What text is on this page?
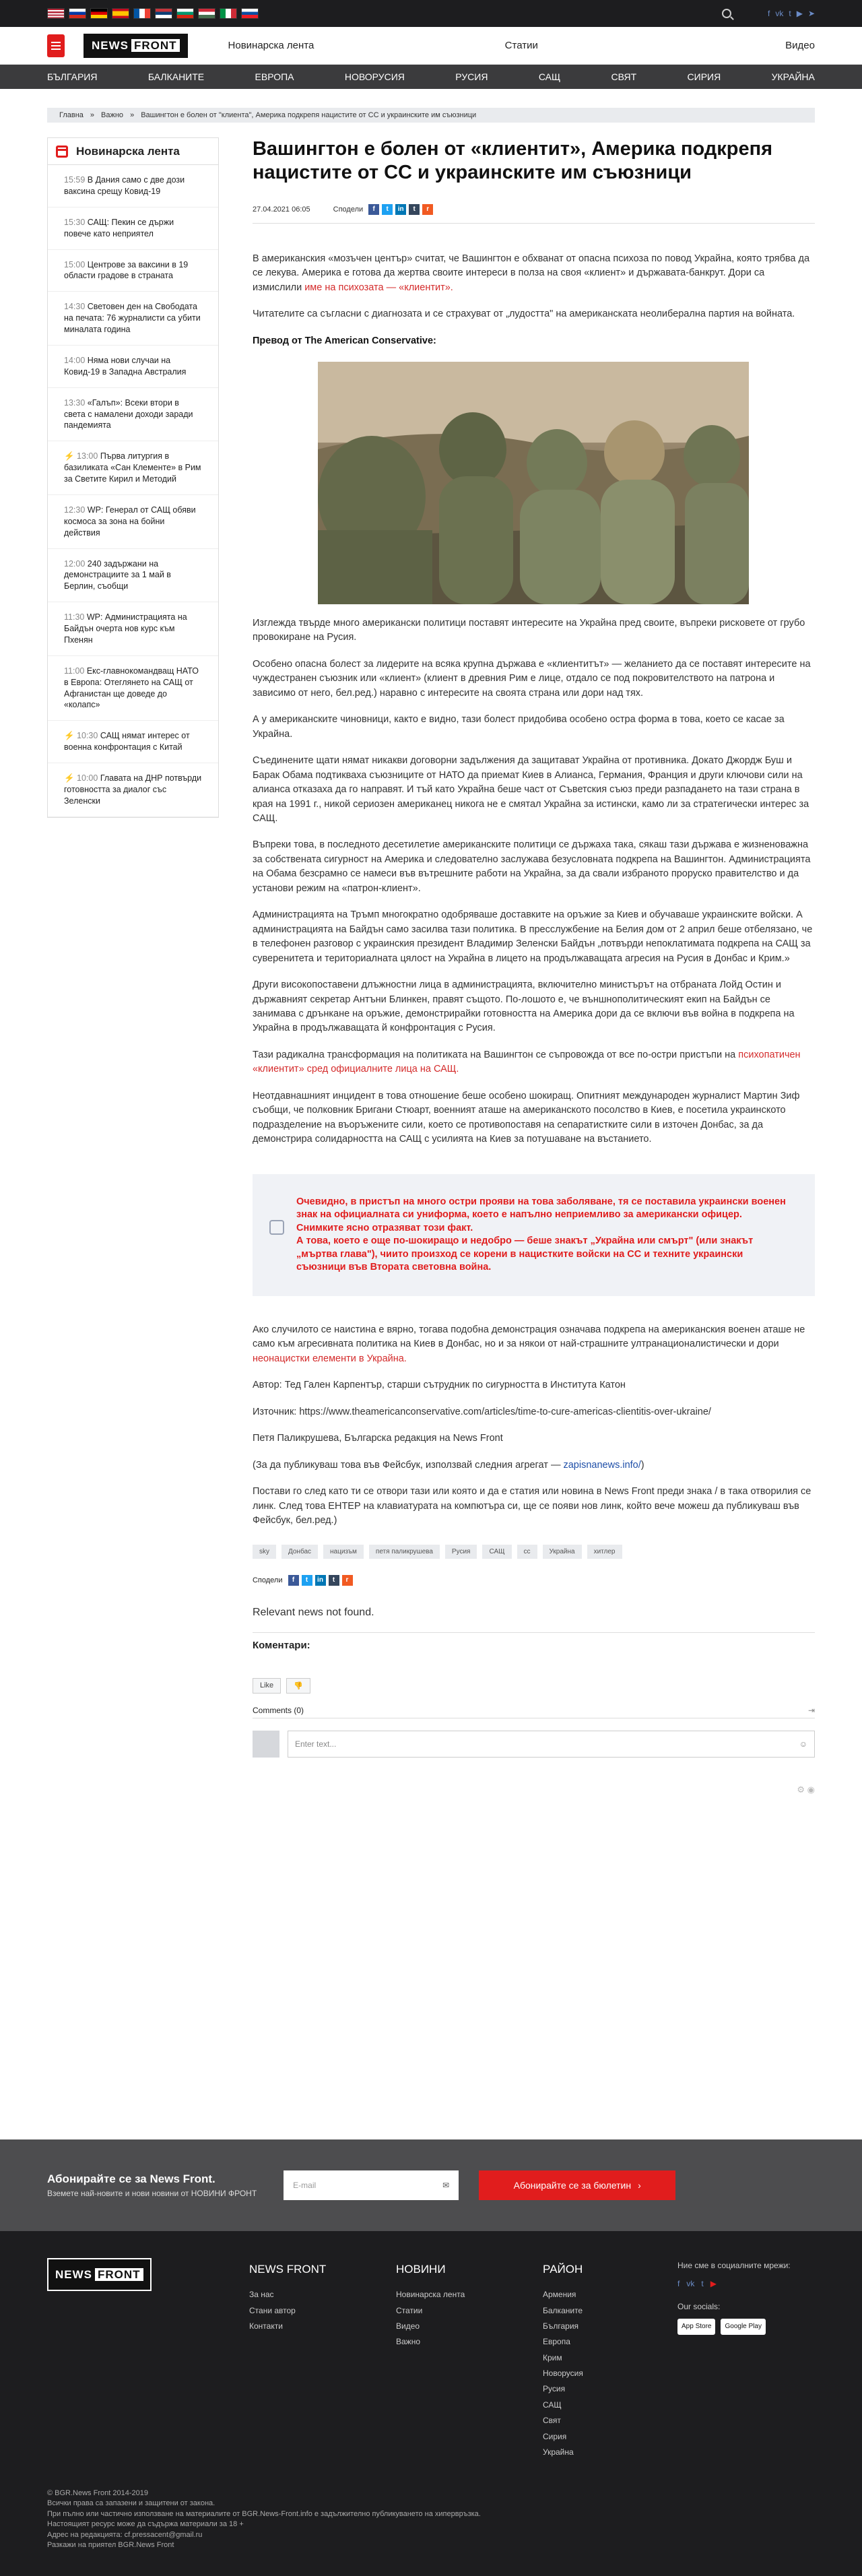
f vk t ▶ ➤
NEWS FRONT	Новинарска лента	Статии	Видео
БЪЛГАРИЯ	БАЛКАНИТЕ	ЕВРОПА	НОВОРУСИЯ	РУСИЯ	САЩ	СВЯТ	СИРИЯ	УКРАЙНА
Главна » Важно » Вашингтон е болен от "клиента", Америка подкрепя нацистите от СС и украинските им съюзници
Новинарска лента
15:59 В Дания само с две дози ваксина срещу Ковид-19
15:30 САЩ: Пекин се държи повече като неприятел
15:00 Центрове за ваксини в 19 области градове в страната
14:30 Световен ден на Свободата на печата: 76 журналисти са убити миналата година
14:00 Няма нови случаи на Ковид-19 в Западна Австралия
13:30 «Галъп»: Всеки втори в света с намалени доходи заради пандемията
⚡ 13:00 Първа литургия в базиликата «Сан Клементе» в Рим за Светите Кирил и Методий
12:30 WP: Генерал от САЩ обяви космоса за зона на бойни действия
12:00 240 задържани на демонстрациите за 1 май в Берлин, съобщи
11:30 WP: Администрацията на Байдън очерта нов курс към Пхенян
11:00 Екс-главнокомандващ НАТО в Европа: Отеглянето на САЩ от Афганистан ще доведе до «колапс»
⚡ 10:30 САЩ нямат интерес от военна конфронтация с Китай
⚡ 10:00 Главата на ДНР потвърди готовността за диалог със Зеленски
Вашингтон е болен от «клиентит», Америка подкрепя нацистите от СС и украинските им съюзници
27.04.2021 06:05	Сподели	f	t	in	t	r

В американския «мозъчен център» считат, че Вашингтон е обхванат от опасна психоза по повод Украйна, която трябва да се лекува. Америка е готова да жертва своите интереси в полза на своя «клиент» и държавата-банкрут. Дори са измислили име на психозата — «клиентит».

Читателите са съгласни с диагнозата и се страхуват от „лудостта" на американската неолиберална партия на войната.

Превод от The American Conservative:

Изглежда твърде много американски политици поставят интересите на Украйна пред своите, въпреки рисковете от грубо провокиране на Русия.

Особено опасна болест за лидерите на всяка крупна държава е «клиентитът» — желанието да се поставят интересите на чуждестранен съюзник или «клиент» (клиент в древния Рим е лице, отдало се под покровителството на патрона и зависимо от него, бел.ред.) наравно с интересите на своята страна или дори над тях.

А у американските чиновници, както е видно, тази болест придобива особено остра форма в това, което се касае за Украйна.

Съединените щати нямат никакви договорни задължения да защитават Украйна от противника. Докато Джордж Буш и Барак Обама подтикваха съюзниците от НАТО да приемат Киев в Алианса, Германия, Франция и други ключови сили на алианса отказаха да го направят. И тъй като Украйна беше част от Съветския съюз преди разпадането на тази страна в края на 1991 г., никой сериозен американец никога не е смятал Украйна за истински, камо ли за стратегически интерес за САЩ.

Въпреки това, в последното десетилетие американските политици се държаха така, сякаш тази държава е жизненоважна за собствената сигурност на Америка и следователно заслужава безусловната подкрепа на Вашингтон. Администрацията на Обама безсрамно се намеси във вътрешните работи на Украйна, за да свали избраното проруско правителство и да установи режим на «патрон-клиент».

Администрацията на Тръмп многократно одобряваше доставките на оръжие за Киев и обучаваше украинските войски. А администрацията на Байдън само засилва тази политика. В пресслужбение на Белия дом от 2 април беше отбелязано, че в телефонен разговор с украинския президент Владимир Зеленски Байдън „потвърди непоклатимата подкрепа на САЩ за суверенитета и териториалната цялост на Украйна в лицето на продължаващата агресия на Русия в Донбас и Крим.»

Други високопоставени длъжностни лица в администрацията, включително министърът на отбраната Лойд Остин и държавният секретар Антъни Блинкен, правят същото. По-лошото е, че външнополитическият екип на Байдън се занимава с дрънкане на оръжие, демонстрирайки готовността на Америка дори да се включи във война в подкрепа на Украйна в продължаващата й конфронтация с Русия.

Тази радикална трансформация на политиката на Вашингтон се съпровожда от все по-остри пристъпи на психопатичен «клиентит» сред официалните лица на САЩ.

Неотдавнашният инцидент в това отношение беше особено шокиращ. Опитният международен журналист Мартин Зиф съобщи, че полковник Бригани Стюарт, военният аташе на американското посолство в Киев, е посетила украинското подразделение на въоръжените сили, което се противопоставя на сепаратистките сили в източен Донбас, за да демонстрира солидарността на САЩ с усилията на Киев за потушаване на въстанието.

Очевидно, в пристъп на много остри прояви на това заболяване, тя се поставила украински военен знак на официалната си униформа, което е напълно неприемливо за американски офицер.
Снимките ясно отразяват този факт.
А това, което е още по-шокиращо и недобро — беше знакът „Украйна или смърт" (или знакът „мъртва глава"), чиито произход се корени в нацистките войски на СС и техните украински съюзници във Втората световна война.

Ако случилото се наистина е вярно, тогава подобна демонстрация означава подкрепа на американския военен аташе не само към агресивната политика на Киев в Донбас, но и за някои от най-страшните ултранационалистически и дори неонацистки елементи в Украйна.

Автор: Тед Гален Карпентър, старши сътрудник по сигурността в Института Катон

Източник: https://www.theamericanconservative.com/articles/time-to-cure-americas-clientitis-over-ukraine/

Петя Паликрушева, Българска редакция на News Front

(За да публикуваш това във Фейсбук, използвай следния агрегат — zapisnanews.info/)

Постави го след като ти се отвори тази или която и да е статия или новина в News Front преди знака / в така отворилия се линк. След това ЕНТЕР на клавиатурата на компютъра си, ще се появи нов линк, който вече можеш да публикуваш във Фейсбук, бел.ред.)

sky	Донбас	нацизъм	петя паликрушева	Русия	САЩ	сс	Украйна	хитлер
Сподели	f	t	in	t	r

Relevant news not found.

Коментари:
Like	👎
Comments (0)	⇥
Enter text...	☺
⚙ ◉
Абонирайте се за News Front.
Вземете най-новите и нови новини от НОВИНИ ФРОНТ
E-mail	✉	Абонирайте се за бюлетин ›
NEWS FRONT	NEWS FRONT
За нас
Стани автор
Контакти
НОВИНИ
Новинарска лента
Статии
Видео
Важно
РАЙОН
Армения
Балканите
България
Европа
Крим
Новорусия
Русия
САЩ
Свят
Сирия
Украйна
Ние сме в социалните мрежи:
f vk t ▶
Our socials:
App Store	Google Play
© BGR.News Front 2014-2019
Всички права са запазени и защитени от закона.
При пълно или частично използване на материалите от BGR.News-Front.info е задължително публикуването на хипервръзка.
Настоящият ресурс може да съдържа материали за 18 +
Адрес на редакцията: cf.pressacent@gmail.ru
Разкажи на приятел BGR.News Front
